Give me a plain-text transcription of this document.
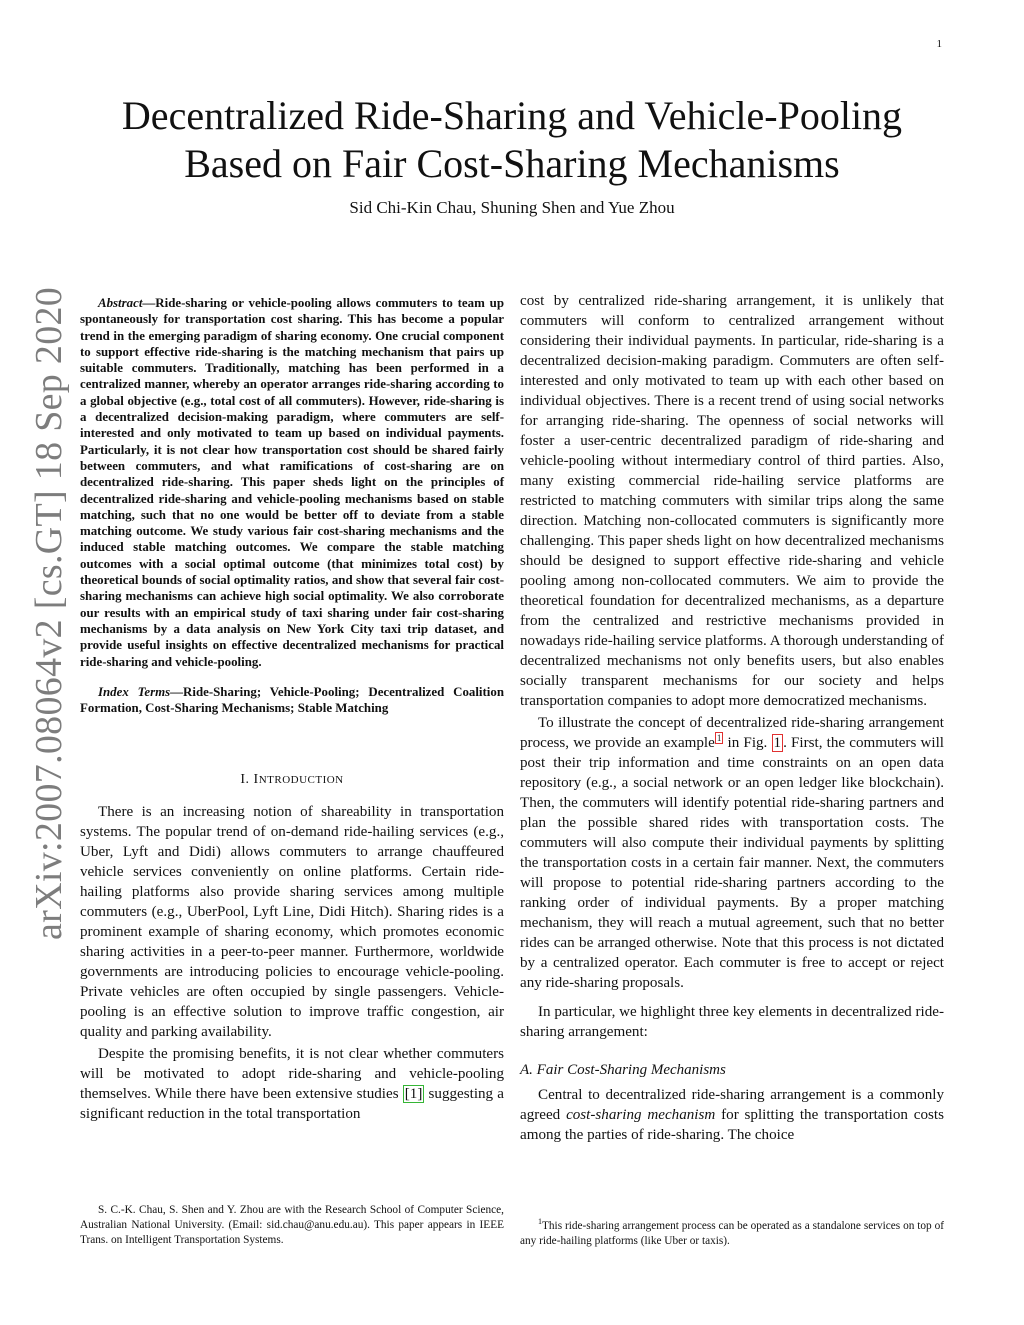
1
arXiv:2007.08064v2 [cs.GT] 18 Sep 2020
Decentralized Ride-Sharing and Vehicle-Pooling
Based on Fair Cost-Sharing Mechanisms
Sid Chi-Kin Chau, Shuning Shen and Yue Zhou

Abstract—Ride-sharing or vehicle-pooling allows commuters to team up spontaneously for transportation cost sharing. This has become a popular trend in the emerging paradigm of sharing economy. One crucial component to support effective ride-sharing is the matching mechanism that pairs up suitable commuters. Traditionally, matching has been performed in a centralized manner, whereby an operator arranges ride-sharing according to a global objective (e.g., total cost of all commuters). However, ride-sharing is a decentralized decision-making paradigm, where commuters are self-interested and only motivated to team up based on individual payments. Particularly, it is not clear how transportation cost should be shared fairly between commuters, and what ramifications of cost-sharing are on decentralized ride-sharing. This paper sheds light on the principles of decentralized ride-sharing and vehicle-pooling mechanisms based on stable matching, such that no one would be better off to deviate from a stable matching outcome. We study various fair cost-sharing mechanisms and the induced stable matching outcomes. We compare the stable matching outcomes with a social optimal outcome (that minimizes total cost) by theoretical bounds of social optimality ratios, and show that several fair cost-sharing mechanisms can achieve high social optimality. We also corroborate our results with an empirical study of taxi sharing under fair cost-sharing mechanisms by a data analysis on New York City taxi trip dataset, and provide useful insights on effective decentralized mechanisms for practical ride-sharing and vehicle-pooling.

Index Terms—Ride-Sharing; Vehicle-Pooling; Decentralized Coalition Formation, Cost-Sharing Mechanisms; Stable Matching

I. INTRODUCTION

There is an increasing notion of shareability in transportation systems. The popular trend of on-demand ride-hailing services (e.g., Uber, Lyft and Didi) allows commuters to arrange chauffeured vehicle services conveniently on online platforms. Certain ride-hailing platforms also provide sharing services among multiple commuters (e.g., UberPool, Lyft Line, Didi Hitch). Sharing rides is a prominent example of sharing economy, which promotes economic sharing activities in a peer-to-peer manner. Furthermore, worldwide governments are introducing policies to encourage vehicle-pooling. Private vehicles are often occupied by single passengers. Vehicle-pooling is an effective solution to improve traffic congestion, air quality and parking availability.

Despite the promising benefits, it is not clear whether commuters will be motivated to adopt ride-sharing and vehicle-pooling themselves. While there have been extensive studies [1] suggesting a significant reduction in the total transportation

cost by centralized ride-sharing arrangement, it is unlikely that commuters will conform to centralized arrangement without considering their individual payments. In particular, ride-sharing is a decentralized decision-making paradigm. Commuters are often self-interested and only motivated to team up with each other based on individual objectives. There is a recent trend of using social networks for arranging ride-sharing. The openness of social networks will foster a user-centric decentralized paradigm of ride-sharing and vehicle-pooling without intermediary control of third parties. Also, many existing commercial ride-hailing service platforms are restricted to matching commuters with similar trips along the same direction. Matching non-collocated commuters is significantly more challenging. This paper sheds light on how decentralized mechanisms should be designed to support effective ride-sharing and vehicle pooling among non-collocated commuters. We aim to provide the theoretical foundation for decentralized mechanisms, as a departure from the centralized and restrictive mechanisms provided in nowadays ride-hailing service platforms. A thorough understanding of decentralized mechanisms not only benefits users, but also enables socially transparent mechanisms for our society and helps transportation companies to adopt more democratized mechanisms.

To illustrate the concept of decentralized ride-sharing arrangement process, we provide an example $^1$ in Fig. 1 . First, the commuters will post their trip information and time constraints on an open data repository (e.g., a social network or an open ledger like blockchain). Then, the commuters will identify potential ride-sharing partners and plan the possible shared rides with transportation costs. The commuters will also compute their individual payments by splitting the transportation costs in a certain fair manner. Next, the commuters will propose to potential ride-sharing partners according to the ranking order of individual payments. By a proper matching mechanism, they will reach a mutual agreement, such that no better rides can be arranged otherwise. Note that this process is not dictated by a centralized operator. Each commuter is free to accept or reject any ride-sharing proposals.

In particular, we highlight three key elements in decentralized ride-sharing arrangement:

A. Fair Cost-Sharing Mechanisms

Central to decentralized ride-sharing arrangement is a commonly agreed cost-sharing mechanism for splitting the transportation costs among the parties of ride-sharing. The choice

S. C.-K. Chau, S. Shen and Y. Zhou are with the Research School of Computer Science, Australian National University. (Email: sid.chau@anu.edu.au). This paper appears in IEEE Trans. on Intelligent Transportation Systems.
$^1$This ride-sharing arrangement process can be operated as a standalone services on top of any ride-hailing platforms (like Uber or taxis).
